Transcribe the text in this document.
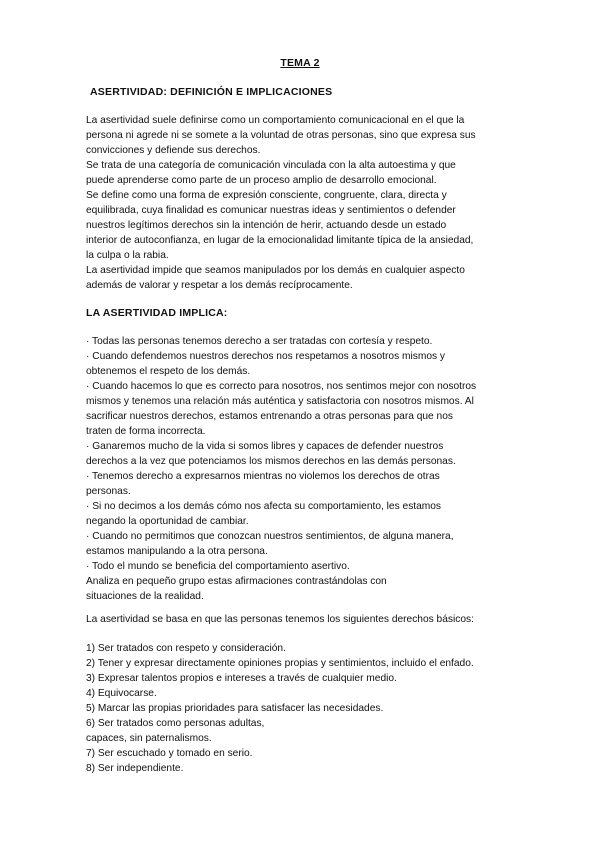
TEMA 2
ASERTIVIDAD: DEFINICIÓN E IMPLICACIONES
La asertividad suele definirse como un comportamiento comunicacional en el que la
persona ni agrede ni se somete a la voluntad de otras personas, sino que expresa sus
convicciones y defiende sus derechos.
Se trata de una categoría de comunicación vinculada con la alta autoestima y que
puede aprenderse como parte de un proceso amplio de desarrollo emocional.
Se define como una forma de expresión consciente, congruente, clara, directa y
equilibrada, cuya finalidad es comunicar nuestras ideas y sentimientos o defender
nuestros legítimos derechos sin la intención de herir, actuando desde un estado
interior de autoconfianza, en lugar de la emocionalidad limitante típica de la ansiedad,
la culpa o la rabia.
La asertividad impide que seamos manipulados por los demás en cualquier aspecto
además de valorar y respetar a los demás recíprocamente.
LA ASERTIVIDAD IMPLICA:
· Todas las personas tenemos derecho a ser tratadas con cortesía y respeto.
· Cuando defendemos nuestros derechos nos respetamos a nosotros mismos y
obtenemos el respeto de los demás.
· Cuando hacemos lo que es correcto para nosotros, nos sentimos mejor con nosotros
mismos y tenemos una relación más auténtica y satisfactoria con nosotros mismos. Al
sacrificar nuestros derechos, estamos entrenando a otras personas para que nos
traten de forma incorrecta.
· Ganaremos mucho de la vida si somos libres y capaces de defender nuestros
derechos a la vez que potenciamos los mismos derechos en las demás personas.
· Tenemos derecho a expresarnos mientras no violemos los derechos de otras
personas.
· Si no decimos a los demás cómo nos afecta su comportamiento, les estamos
negando la oportunidad de cambiar.
· Cuando no permitimos que conozcan nuestros sentimientos, de alguna manera,
estamos manipulando a la otra persona.
· Todo el mundo se beneficia del comportamiento asertivo.
Analiza en pequeño grupo estas afirmaciones contrastándolas con
situaciones de la realidad.
La asertividad se basa en que las personas tenemos los siguientes derechos básicos:
1) Ser tratados con respeto y consideración.
2) Tener y expresar directamente opiniones propias y sentimientos, incluido el enfado.
3) Expresar talentos propios e intereses a través de cualquier medio.
4) Equivocarse.
5) Marcar las propias prioridades para satisfacer las necesidades.
6) Ser tratados como personas adultas,
capaces, sin paternalismos.
7) Ser escuchado y tomado en serio.
8) Ser independiente.
